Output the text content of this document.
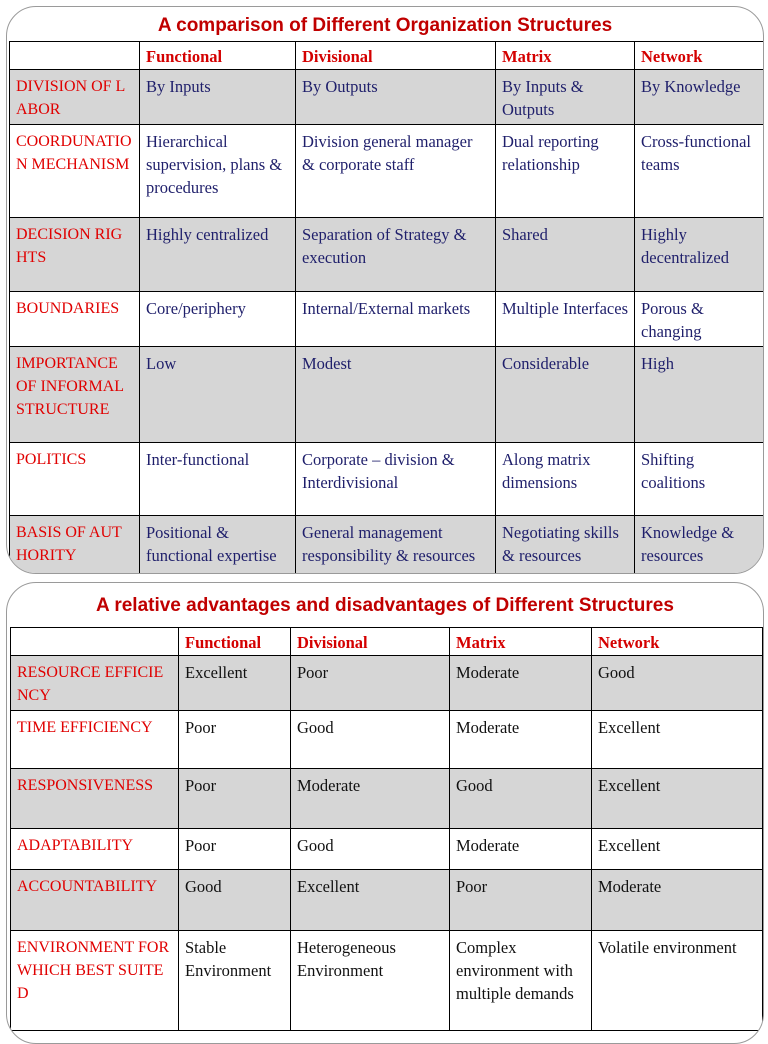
A comparison of Different Organization Structures
	Functional	Divisional	Matrix	Network
DIVISION OF LABOR	By Inputs	By Outputs	By Inputs & Outputs	By Knowledge
COORDUNATION MECHANISM	Hierarchical supervision, plans & procedures	Division general manager & corporate staff	Dual reporting relationship	Cross-functional teams
DECISION RIGHTS	Highly centralized	Separation of Strategy & execution	Shared	Highly decentralized
BOUNDARIES	Core/periphery	Internal/External markets	Multiple Interfaces	Porous & changing
IMPORTANCE OF INFORMAL STRUCTURE	Low	Modest	Considerable	High
POLITICS	Inter-functional	Corporate – division & Interdivisional	Along matrix dimensions	Shifting coalitions
BASIS OF AUTHORITY	Positional & functional expertise	General management responsibility & resources	Negotiating skills & resources	Knowledge & resources
A relative advantages and disadvantages of Different Structures
	Functional	Divisional	Matrix	Network
RESOURCE EFFICIENCY	Excellent	Poor	Moderate	Good
TIME EFFICIENCY	Poor	Good	Moderate	Excellent
RESPONSIVENESS	Poor	Moderate	Good	Excellent
ADAPTABILITY	Poor	Good	Moderate	Excellent
ACCOUNTABILITY	Good	Excellent	Poor	Moderate
ENVIRONMENT FOR WHICH BEST SUITED	Stable Environment	Heterogeneous Environment	Complex environment with multiple demands	Volatile environment
